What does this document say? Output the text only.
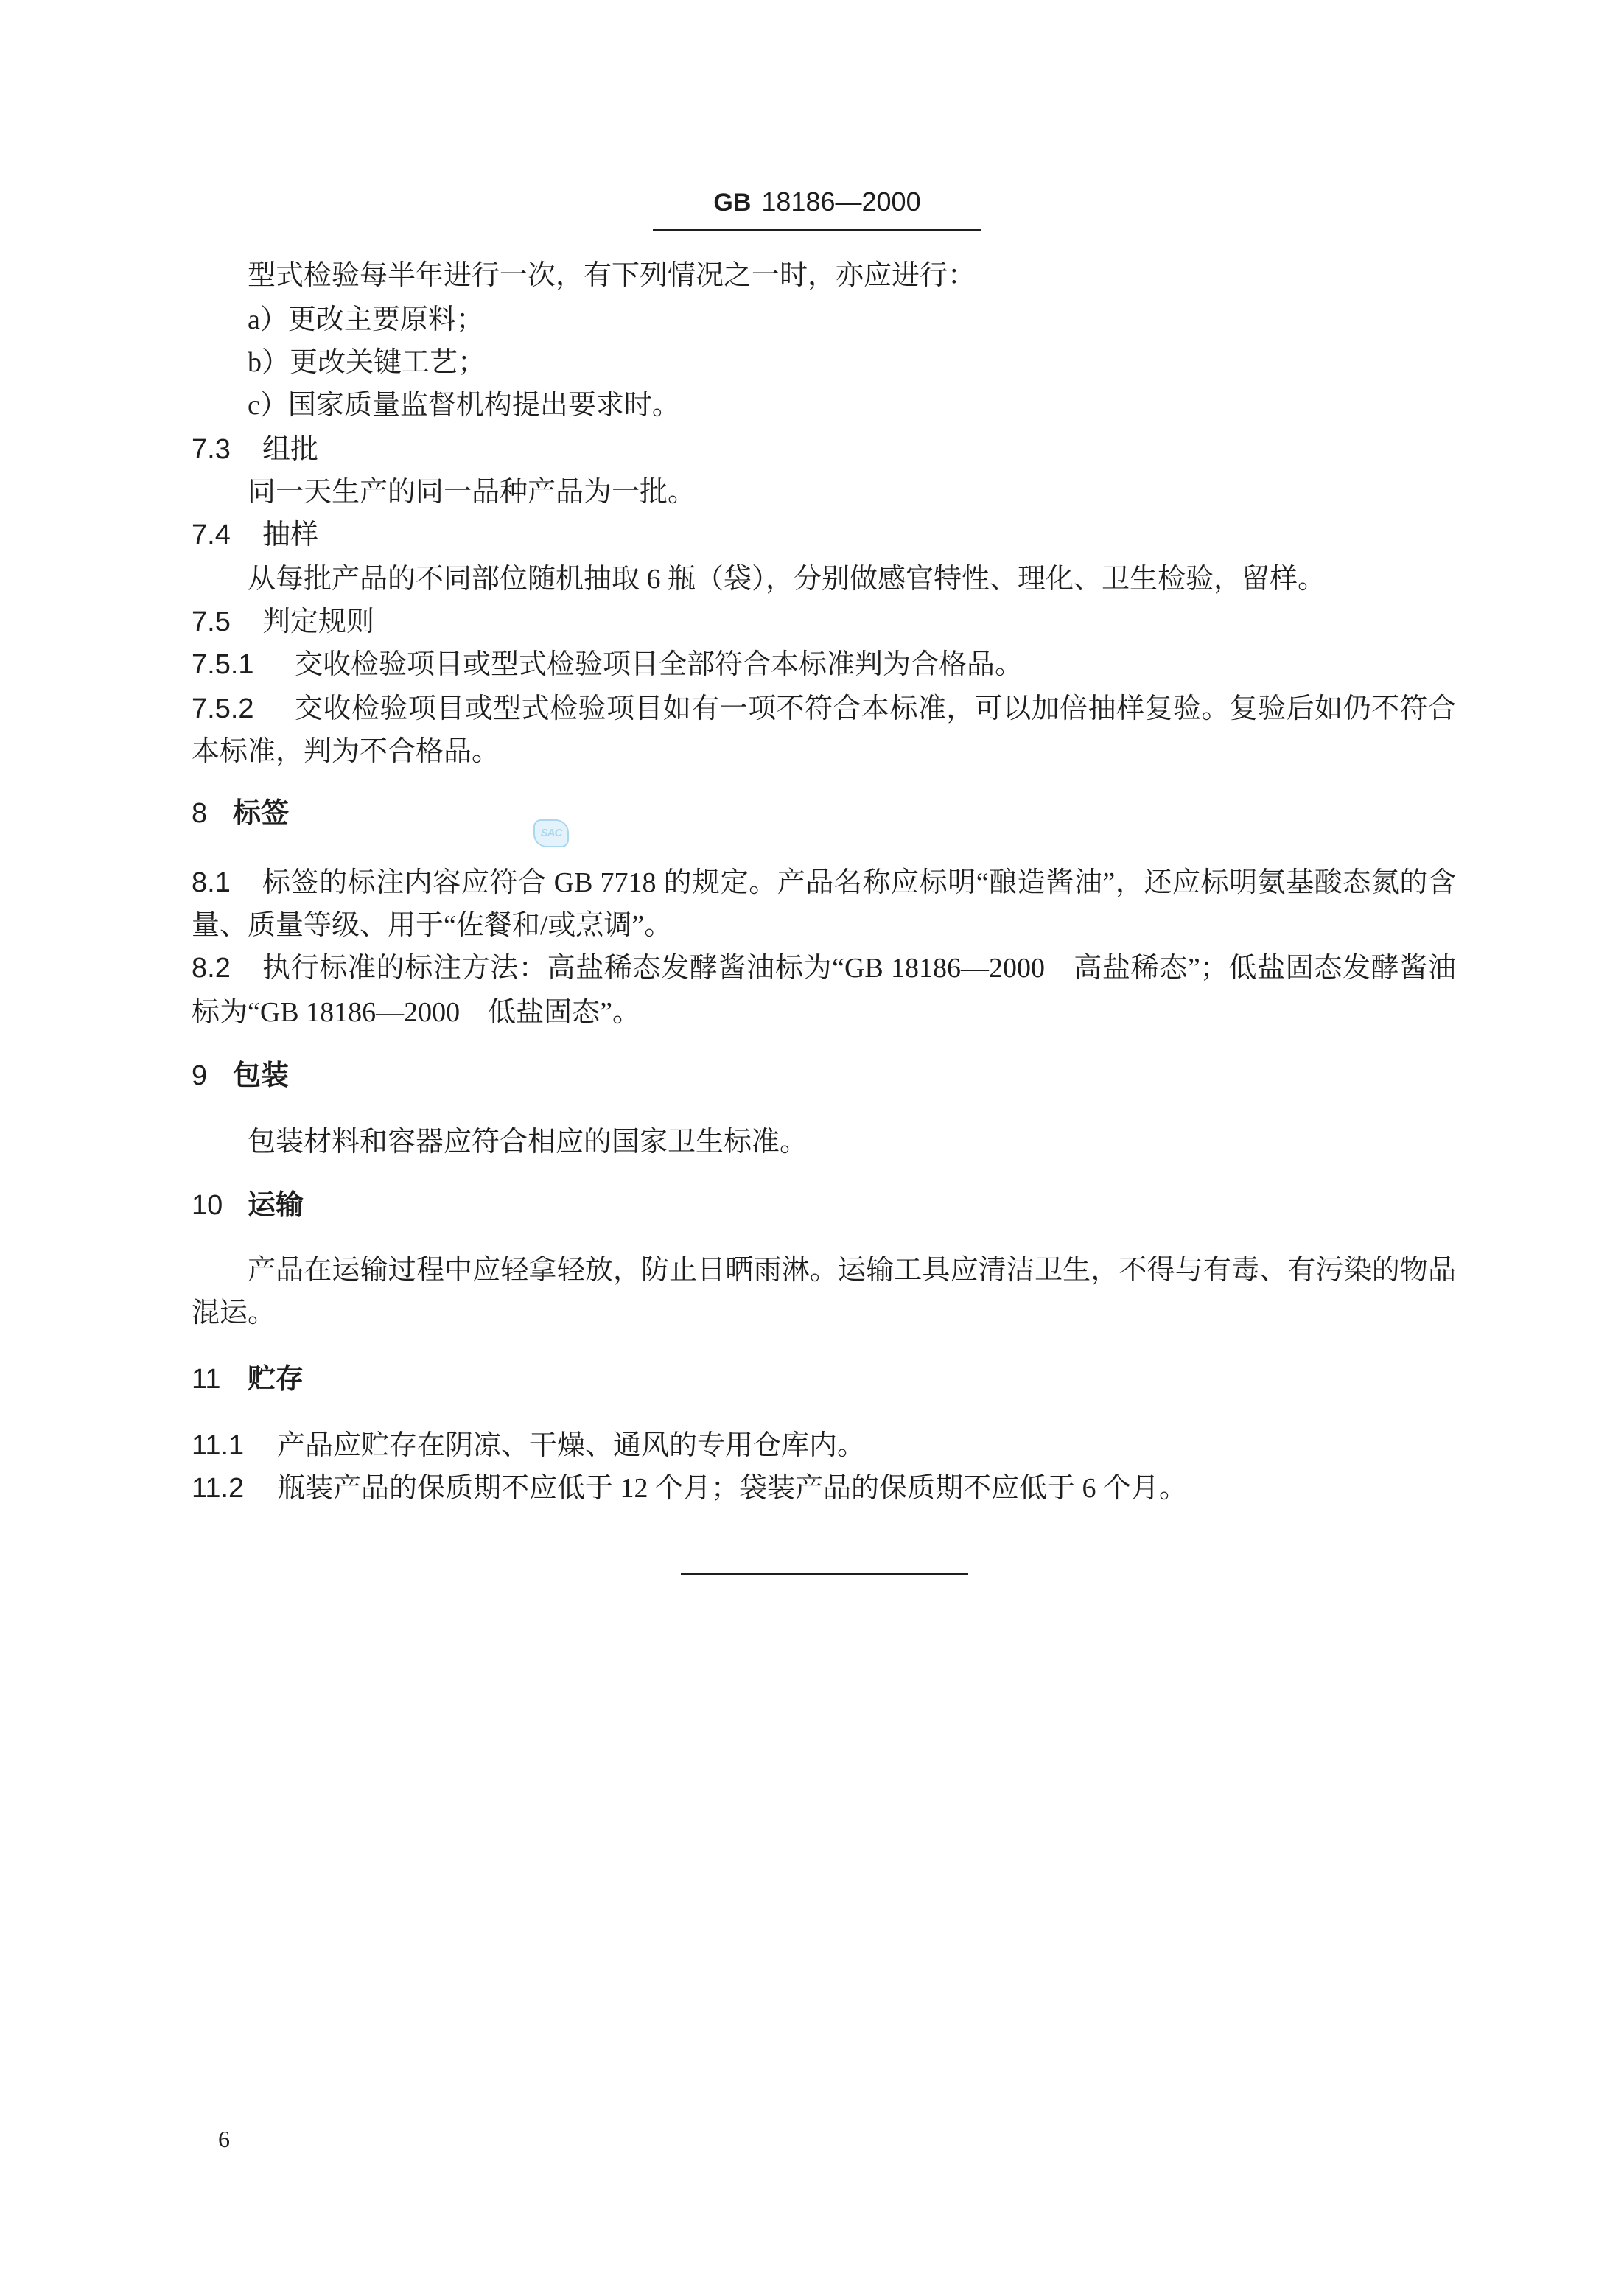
GB 18186—2000
型式检验每半年进行一次，有下列情况之一时，亦应进行：
a）更改主要原料；
b）更改关键工艺；
c）国家质量监督机构提出要求时。
7.3 组批
同一天生产的同一品种产品为一批。
7.4 抽样
从每批产品的不同部位随机抽取 6 瓶（袋），分别做感官特性、理化、卫生检验，留样。
7.5 判定规则
7.5.1 交收检验项目或型式检验项目全部符合本标准判为合格品。
7.5.2 交收检验项目或型式检验项目如有一项不符合本标准，可以加倍抽样复验。复验后如仍不符合
本标准，判为不合格品。
8 标签
SAC
8.1 标签的标注内容应符合 GB 7718 的规定。产品名称应标明“酿造酱油”，还应标明氨基酸态氮的含
量、质量等级、用于“佐餐和/或烹调”。
8.2 执行标准的标注方法：高盐稀态发酵酱油标为“GB 18186—2000　高盐稀态”；低盐固态发酵酱油
标为“GB 18186—2000　低盐固态”。
9 包装
包装材料和容器应符合相应的国家卫生标准。
10 运输
产品在运输过程中应轻拿轻放，防止日晒雨淋。运输工具应清洁卫生，不得与有毒、有污染的物品
混运。
11 贮存
11.1 产品应贮存在阴凉、干燥、通风的专用仓库内。
11.2 瓶装产品的保质期不应低于 12 个月；袋装产品的保质期不应低于 6 个月。
6
